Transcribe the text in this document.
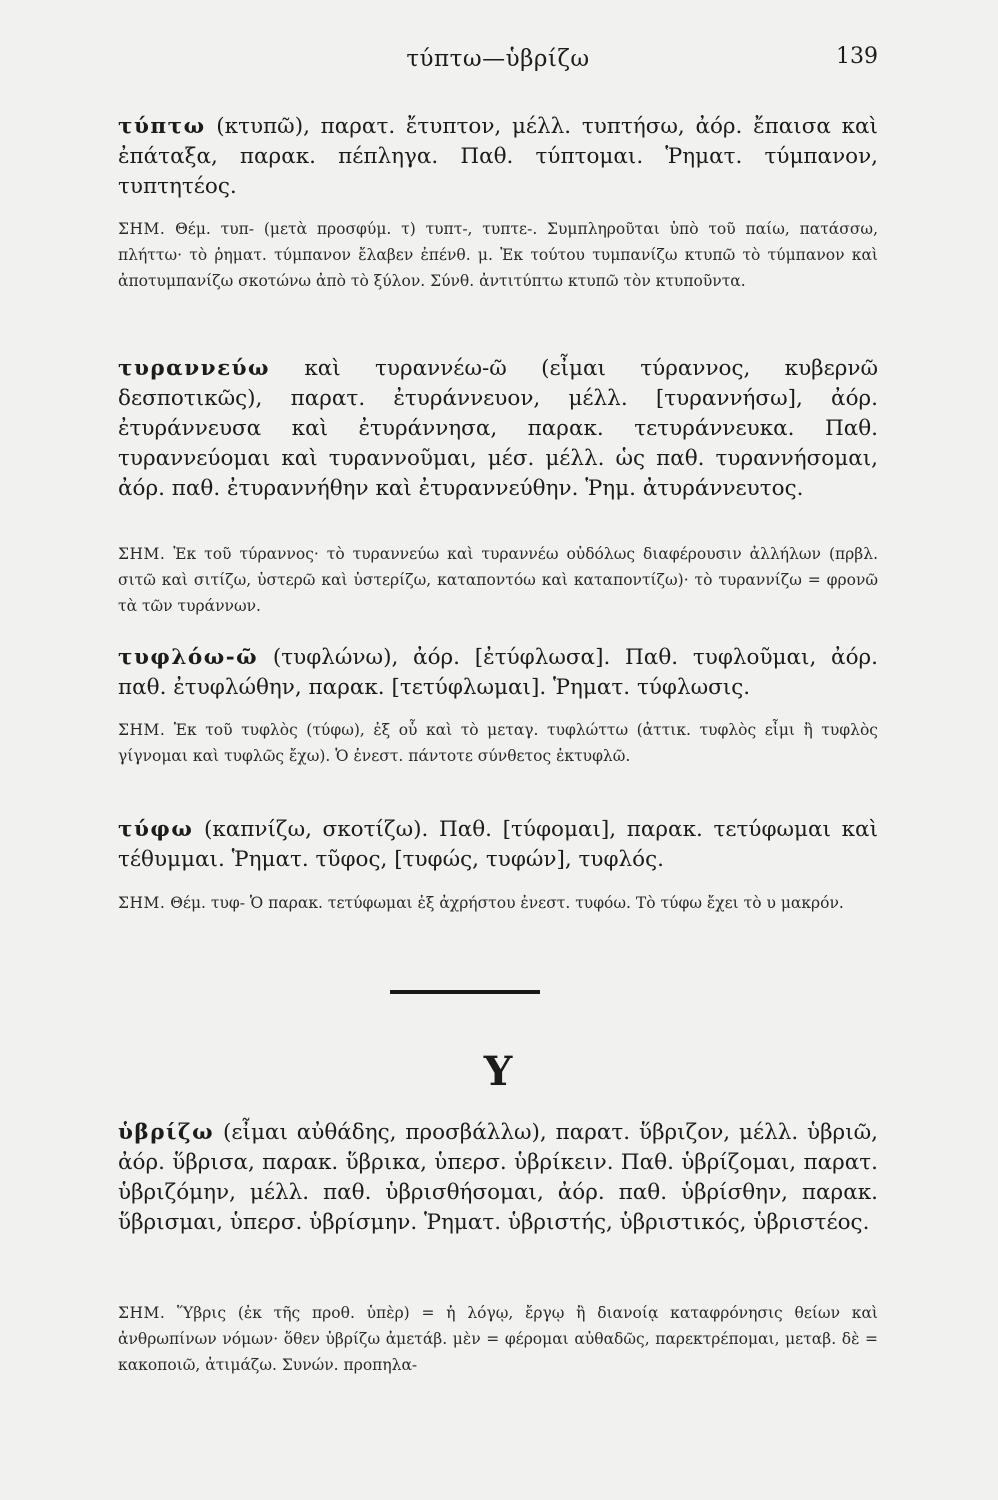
τύπτω—ὑβρίζω	139
τύπτω (κτυπῶ), παρατ. ἔτυπτον, μέλλ. τυπτήσω, ἀόρ. ἔπαισα καὶ ἐπάταξα, παρακ. πέπληγα. Παθ. τύπτομαι. Ῥηματ. τύμπανον, τυπτητέος.
ΣΗΜ. Θέμ. τυπ- (μετὰ προσφύμ. τ) τυπτ-, τυπτε-. Συμπληροῦται ὑπὸ τοῦ παίω, πατάσσω, πλήττω· τὸ ῥηματ. τύμπανον ἔλαβεν ἐπένθ. μ. Ἐκ τούτου τυμπανίζω κτυπῶ τὸ τύμπανον καὶ ἀποτυμπανίζω σκοτώνω ἀπὸ τὸ ξύλον. Σύνθ. ἀντιτύπτω κτυπῶ τὸν κτυποῦντα.
τυραννεύω καὶ τυραννέω-ῶ (εἶμαι τύραννος, κυβερνῶ δεσποτικῶς), παρατ. ἐτυράννευον, μέλλ. [τυραννήσω], ἀόρ. ἐτυράννευσα καὶ ἐτυράννησα, παρακ. τετυράννευκα. Παθ. τυραννεύομαι καὶ τυραννοῦμαι, μέσ. μέλλ. ὡς παθ. τυραννήσομαι, ἀόρ. παθ. ἐτυραννήθην καὶ ἐτυραννεύθην. Ῥημ. ἀτυράννευτος.
ΣΗΜ. Ἐκ τοῦ τύραννος· τὸ τυραννεύω καὶ τυραννέω οὐδόλως διαφέρουσιν ἀλλήλων (πρβλ. σιτῶ καὶ σιτίζω, ὑστερῶ καὶ ὑστερίζω, καταποντόω καὶ καταποντίζω)· τὸ τυραννίζω = φρονῶ τὰ τῶν τυράννων.
τυφλόω-ῶ (τυφλώνω), ἀόρ. [ἐτύφλωσα]. Παθ. τυφλοῦμαι, ἀόρ. παθ. ἐτυφλώθην, παρακ. [τετύφλωμαι]. Ῥηματ. τύφλωσις.
ΣΗΜ. Ἐκ τοῦ τυφλὸς (τύφω), ἐξ οὗ καὶ τὸ μεταγ. τυφλώττω (ἀττικ. τυφλὸς εἶμι ἢ τυφλὸς γίγνομαι καὶ τυφλῶς ἔχω). Ὁ ἐνεστ. πάντοτε σύνθετος ἐκτυφλῶ.
τύφω (καπνίζω, σκοτίζω). Παθ. [τύφομαι], παρακ. τετύφωμαι καὶ τέθυμμαι. Ῥηματ. τῦφος, [τυφώς, τυφών], τυφλός.
ΣΗΜ. Θέμ. τυφ- Ὁ παρακ. τετύφωμαι ἐξ ἀχρήστου ἐνεστ. τυφόω. Τὸ τύφω ἔχει τὸ υ μακρόν.
Υ
ὑβρίζω (εἶμαι αὐθάδης, προσβάλλω), παρατ. ὕβριζον, μέλλ. ὑβριῶ, ἀόρ. ὕβρισα, παρακ. ὕβρικα, ὑπερσ. ὑβρίκειν. Παθ. ὑβρίζομαι, παρατ. ὑβριζόμην, μέλλ. παθ. ὑβρισθήσομαι, ἀόρ. παθ. ὑβρίσθην, παρακ. ὕβρισμαι, ὑπερσ. ὑβρίσμην. Ῥηματ. ὑβριστής, ὑβριστικός, ὑβριστέος.
ΣΗΜ. Ὕβρις (ἐκ τῆς προθ. ὑπὲρ) = ἡ λόγῳ, ἔργῳ ἢ διανοίᾳ καταφρόνησις θείων καὶ ἀνθρωπίνων νόμων· ὅθεν ὑβρίζω ἀμετάβ. μὲν = φέρομαι αὐθαδῶς, παρεκτρέπομαι, μεταβ. δὲ = κακοποιῶ, ἀτιμάζω. Συνών. προπηλα-
